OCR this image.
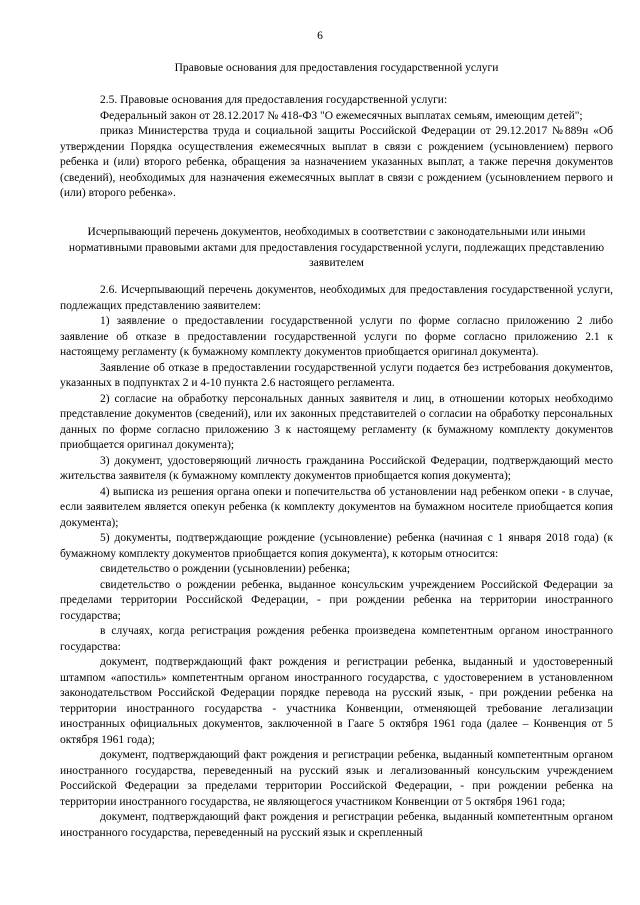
6
Правовые основания для предоставления государственной услуги

2.5. Правовые основания для предоставления государственной услуги:

Федеральный закон от 28.12.2017 № 418-ФЗ "О ежемесячных выплатах семьям, имеющим детей";

приказ Министерства труда и социальной защиты Российской Федерации от 29.12.2017 №889н «Об утверждении Порядка осуществления ежемесячных выплат в связи с рождением (усыновлением) первого ребенка и (или) второго ребенка, обращения за назначением указанных выплат, а также перечня документов (сведений), необходимых для назначения ежемесячных выплат в связи с рождением (усыновлением первого и (или) второго ребенка».

Исчерпывающий перечень документов, необходимых в соответствии с законодательными или иными нормативными правовыми актами для предоставления государственной услуги, подлежащих представлению заявителем

2.6. Исчерпывающий перечень документов, необходимых для предоставления государственной услуги, подлежащих представлению заявителем:

1) заявление о предоставлении государственной услуги по форме согласно приложению 2 либо заявление об отказе в предоставлении государственной услуги по форме согласно приложению 2.1 к настоящему регламенту (к бумажному комплекту документов приобщается оригинал документа).

Заявление об отказе в предоставлении государственной услуги подается без истребования документов, указанных в подпунктах 2 и 4-10 пункта 2.6 настоящего регламента.

2) согласие на обработку персональных данных заявителя и лиц, в отношении которых необходимо представление документов (сведений), или их законных представителей о согласии на обработку персональных данных по форме согласно приложению 3 к настоящему регламенту (к бумажному комплекту документов приобщается оригинал документа);

3) документ, удостоверяющий личность гражданина Российской Федерации, подтверждающий место жительства заявителя (к бумажному комплекту документов приобщается копия документа);

4) выписка из решения органа опеки и попечительства об установлении над ребенком опеки - в случае, если заявителем является опекун ребенка (к комплекту документов на бумажном носителе приобщается копия документа);

5) документы, подтверждающие рождение (усыновление) ребенка (начиная с 1 января 2018 года) (к бумажному комплекту документов приобщается копия документа), к которым относится:

свидетельство о рождении (усыновлении) ребенка;

свидетельство о рождении ребенка, выданное консульским учреждением Российской Федерации за пределами территории Российской Федерации, - при рождении ребенка на территории иностранного государства;

в случаях, когда регистрация рождения ребенка произведена компетентным органом иностранного государства:

документ, подтверждающий факт рождения и регистрации ребенка, выданный и удостоверенный штампом «апостиль» компетентным органом иностранного государства, с удостоверением в установленном законодательством Российской Федерации порядке перевода на русский язык, - при рождении ребенка на территории иностранного государства - участника Конвенции, отменяющей требование легализации иностранных официальных документов, заключенной в Гааге 5 октября 1961 года (далее – Конвенция от 5 октября 1961 года);

документ, подтверждающий факт рождения и регистрации ребенка, выданный компетентным органом иностранного государства, переведенный на русский язык и легализованный консульским учреждением Российской Федерации за пределами территории Российской Федерации, - при рождении ребенка на территории иностранного государства, не являющегося участником Конвенции от 5 октября 1961 года;

документ, подтверждающий факт рождения и регистрации ребенка, выданный компетентным органом иностранного государства, переведенный на русский язык и скрепленный
